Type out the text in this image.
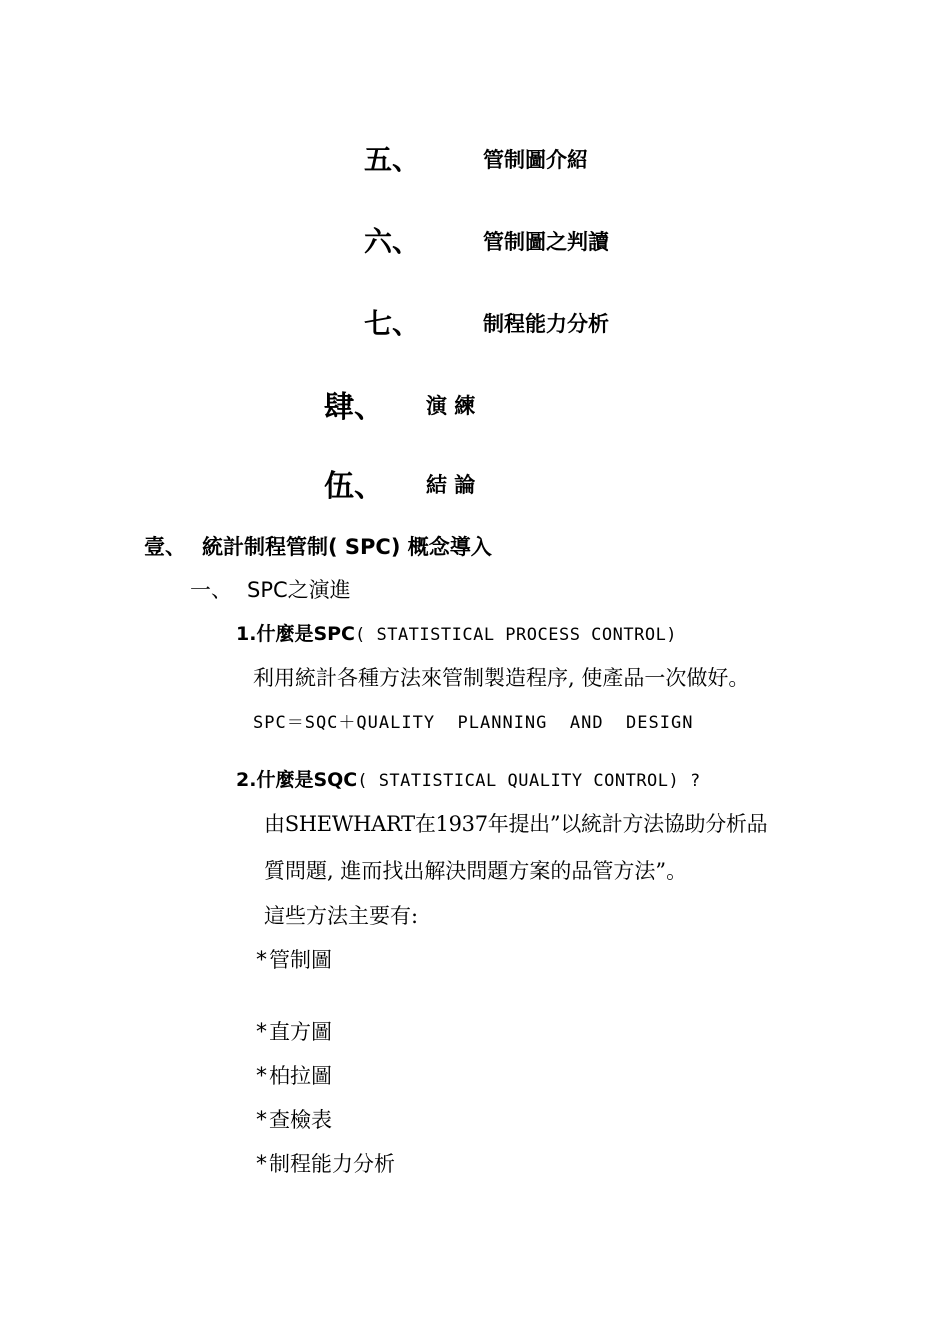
五、	管制圖介紹
六、	管制圖之判讀
七、	制程能力分析
肆、 演 練
伍、 結 論
壹、 統計制程管制( SPC) 概念導入
一、 SPC之演進
1.什麼是SPC( STATISTICAL PROCESS CONTROL)
利用統計各種方法來管制製造程序, 使產品一次做好。
SPC＝SQC＋QUALITY  PLANNING  AND  DESIGN
2.什麼是SQC( STATISTICAL QUALITY CONTROL) ?
由SHEWHART在1937年提出”以統計方法協助分析品
質問題, 進而找出解決問題方案的品管方法”。
這些方法主要有:
*管制圖
*直方圖
*柏拉圖
*查檢表
*制程能力分析
